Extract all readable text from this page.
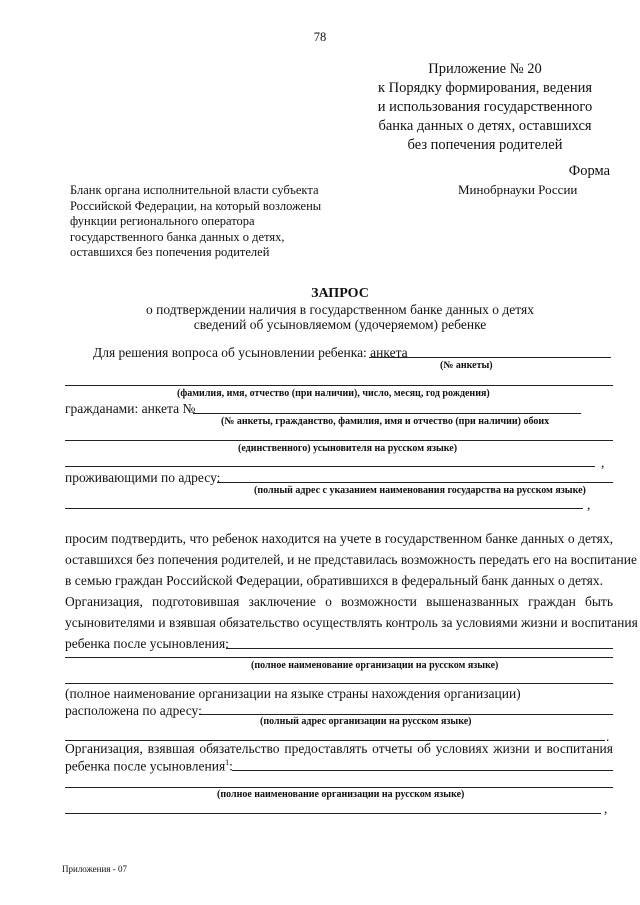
78
Приложение № 20
к Порядку формирования, ведения
и использования государственного
банка данных о детях, оставшихся
без попечения родителей
Форма
Минобрнауки России
Бланк органа исполнительной власти субъекта
Российской Федерации, на который возложены
функции регионального оператора
государственного банка данных о детях,
оставшихся без попечения родителей
ЗАПРОС
о подтверждении наличия в государственном банке данных о детях
сведений об усыновляемом (удочеряемом) ребенке
Для решения вопроса об усыновлении ребенка: анкета
(№ анкеты)
(фамилия, имя, отчество (при наличии), число, месяц, год рождения)
гражданами: анкета №
(№ анкеты, гражданство, фамилия, имя и отчество (при наличии) обоих
(единственного) усыновителя на русском языке)
,
проживающими по адресу:
(полный адрес с указанием наименования государства на русском языке)
,
просим подтвердить, что ребенок находится на учете в государственном банке данных о детях,
оставшихся без попечения родителей, и не представилась возможность передать его на воспитание
в семью граждан Российской Федерации, обратившихся в федеральный банк данных о детях.
Организация, подготовившая заключение о возможности вышеназванных граждан быть
усыновителями и взявшая обязательство осуществлять контроль за условиями жизни и воспитания
ребенка после усыновления:
(полное наименование организации на русском языке)
(полное наименование организации на языке страны нахождения организации)
расположена по адресу:
(полный адрес организации на русском языке)
.
Организация, взявшая обязательство предоставлять отчеты об условиях жизни и воспитания
ребенка после усыновления$^1$:
(полное наименование организации на русском языке)
,
Приложения - 07
